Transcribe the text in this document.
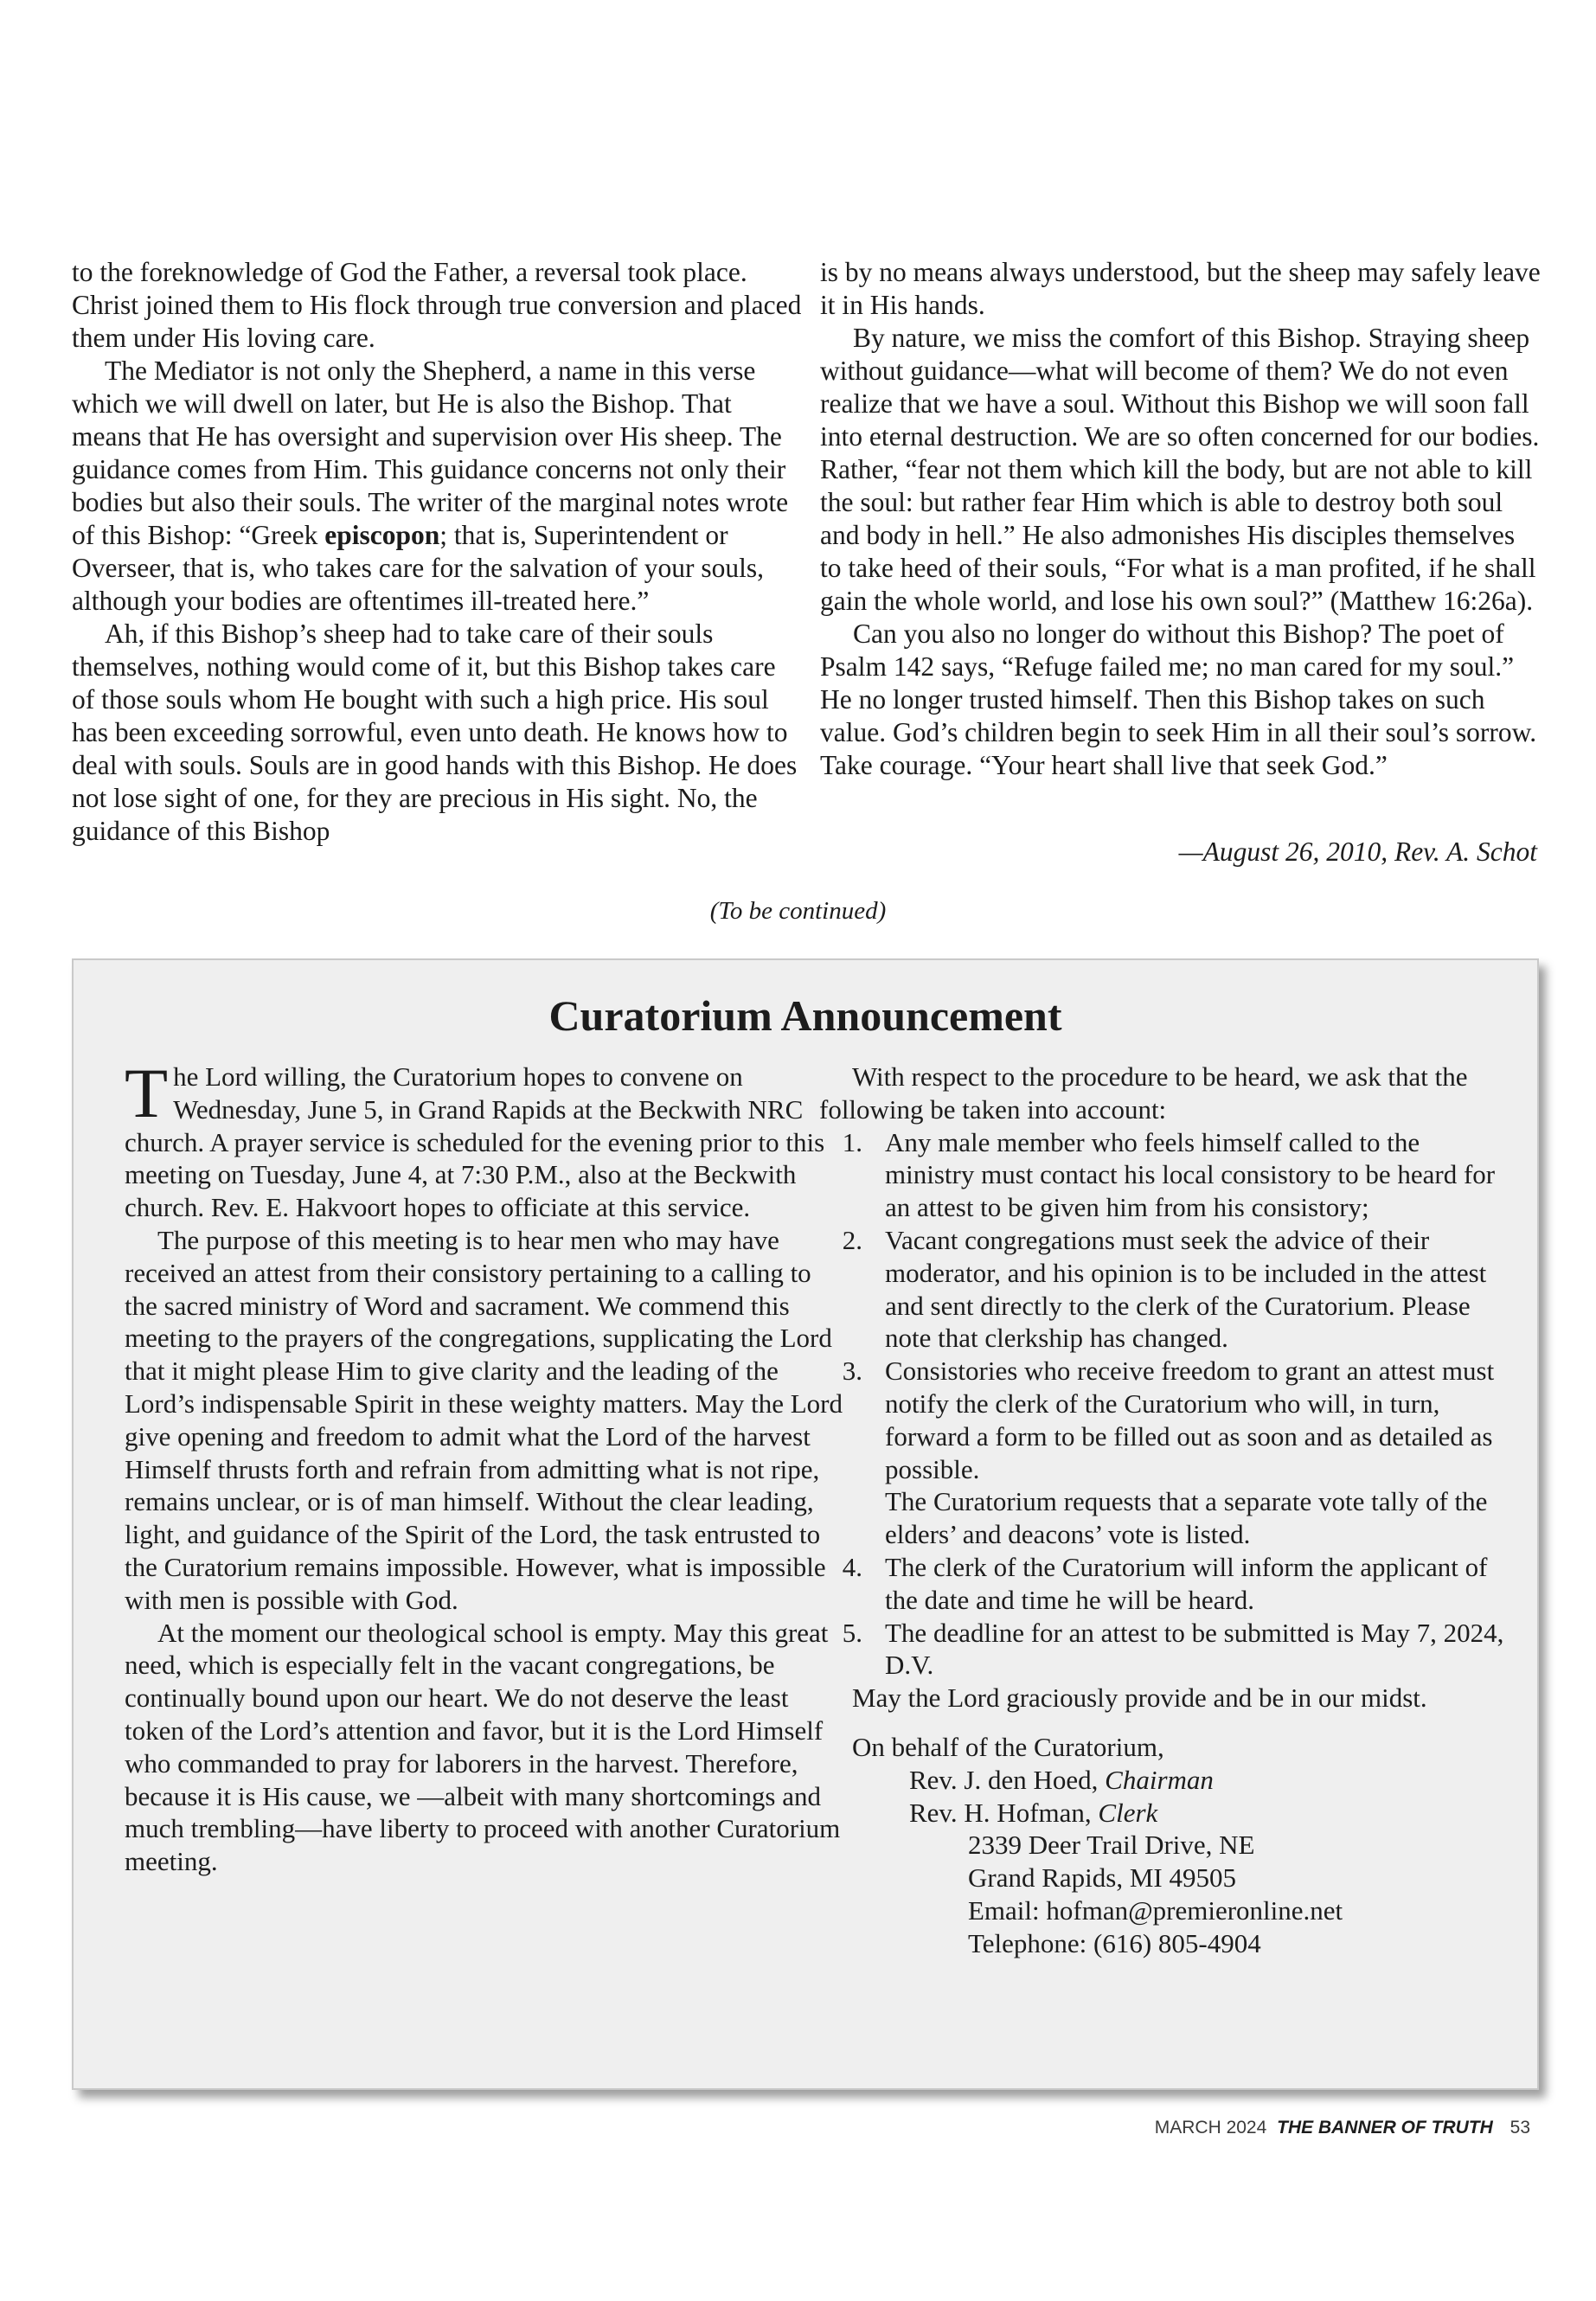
to the foreknowledge of God the Father, a reversal took place. Christ joined them to His flock through true conversion and placed them under His loving care.

The Mediator is not only the Shepherd, a name in this verse which we will dwell on later, but He is also the Bishop. That means that He has oversight and supervision over His sheep. The guidance comes from Him. This guidance concerns not only their bodies but also their souls. The writer of the marginal notes wrote of this Bishop: “Greek episcopon; that is, Superintendent or Overseer, that is, who takes care for the salvation of your souls, although your bodies are oftentimes ill-treated here.”

Ah, if this Bishop’s sheep had to take care of their souls themselves, nothing would come of it, but this Bishop takes care of those souls whom He bought with such a high price. His soul has been exceeding sorrowful, even unto death. He knows how to deal with souls. Souls are in good hands with this Bishop. He does not lose sight of one, for they are precious in His sight. No, the guidance of this Bishop

is by no means always understood, but the sheep may safely leave it in His hands.

By nature, we miss the comfort of this Bishop. Straying sheep without guidance—what will become of them? We do not even realize that we have a soul. Without this Bishop we will soon fall into eternal destruction. We are so often concerned for our bodies. Rather, “fear not them which kill the body, but are not able to kill the soul: but rather fear Him which is able to destroy both soul and body in hell.” He also admonishes His disciples themselves to take heed of their souls, “For what is a man profited, if he shall gain the whole world, and lose his own soul?” (Matthew 16:26a).

Can you also no longer do without this Bishop? The poet of Psalm 142 says, “Refuge failed me; no man cared for my soul.” He no longer trusted himself. Then this Bishop takes on such value. God’s children begin to seek Him in all their soul’s sorrow. Take courage. “Your heart shall live that seek God.”

—August 26, 2010, Rev. A. Schot
(To be continued)
Curatorium Announcement

The Lord willing, the Curatorium hopes to convene on Wednesday, June 5, in Grand Rapids at the Beckwith NRC church. A prayer service is scheduled for the evening prior to this meeting on Tuesday, June 4, at 7:30 P.M., also at the Beckwith church. Rev. E. Hakvoort hopes to officiate at this service.

The purpose of this meeting is to hear men who may have received an attest from their consistory pertaining to a calling to the sacred ministry of Word and sacrament. We commend this meeting to the prayers of the congregations, supplicating the Lord that it might please Him to give clarity and the leading of the Lord’s indispensable Spirit in these weighty matters. May the Lord give opening and freedom to admit what the Lord of the harvest Himself thrusts forth and refrain from admitting what is not ripe, remains unclear, or is of man himself. Without the clear leading, light, and guidance of the Spirit of the Lord, the task entrusted to the Curatorium remains impossible. However, what is impossible with men is possible with God.

At the moment our theological school is empty. May this great need, which is especially felt in the vacant congregations, be continually bound upon our heart. We do not deserve the least token of the Lord’s attention and favor, but it is the Lord Himself who commanded to pray for laborers in the harvest. Therefore, because it is His cause, we —albeit with many shortcomings and much trembling—have liberty to proceed with another Curatorium meeting.

With respect to the procedure to be heard, we ask that the following be taken into account:

1. Any male member who feels himself called to the ministry must contact his local consistory to be heard for an attest to be given him from his consistory;
2. Vacant congregations must seek the advice of their moderator, and his opinion is to be included in the attest and sent directly to the clerk of the Curatorium. Please note that clerkship has changed.
3. Consistories who receive freedom to grant an attest must notify the clerk of the Curatorium who will, in turn, forward a form to be filled out as soon and as detailed as possible.
The Curatorium requests that a separate vote tally of the elders’ and deacons’ vote is listed.
4. The clerk of the Curatorium will inform the applicant of the date and time he will be heard.
5. The deadline for an attest to be submitted is May 7, 2024, D.V.

May the Lord graciously provide and be in our midst.

On behalf of the Curatorium,

Rev. J. den Hoed, Chairman

Rev. H. Hofman, Clerk

2339 Deer Trail Drive, NE

Grand Rapids, MI 49505

Email: hofman@premieronline.net

Telephone: (616) 805-4904

MARCH 2024 THE BANNER OF TRUTH 53
